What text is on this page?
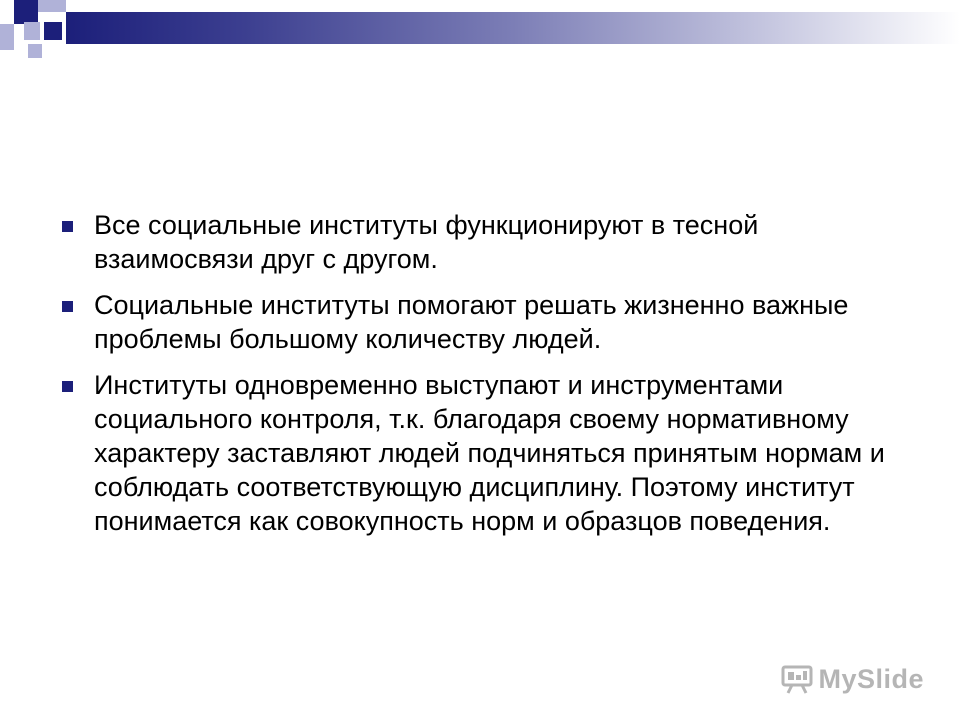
Все социальные институты функционируют в тесной взаимосвязи друг с другом.
Социальные институты помогают решать жизненно важные проблемы большому количеству людей.
Институты одновременно выступают и инструментами социального контроля, т.к. благодаря своему нормативному характеру заставляют людей подчиняться принятым нормам и соблюдать соответствующую дисциплину. Поэтому институт понимается как совокупность норм и образцов поведения.
MySlide
